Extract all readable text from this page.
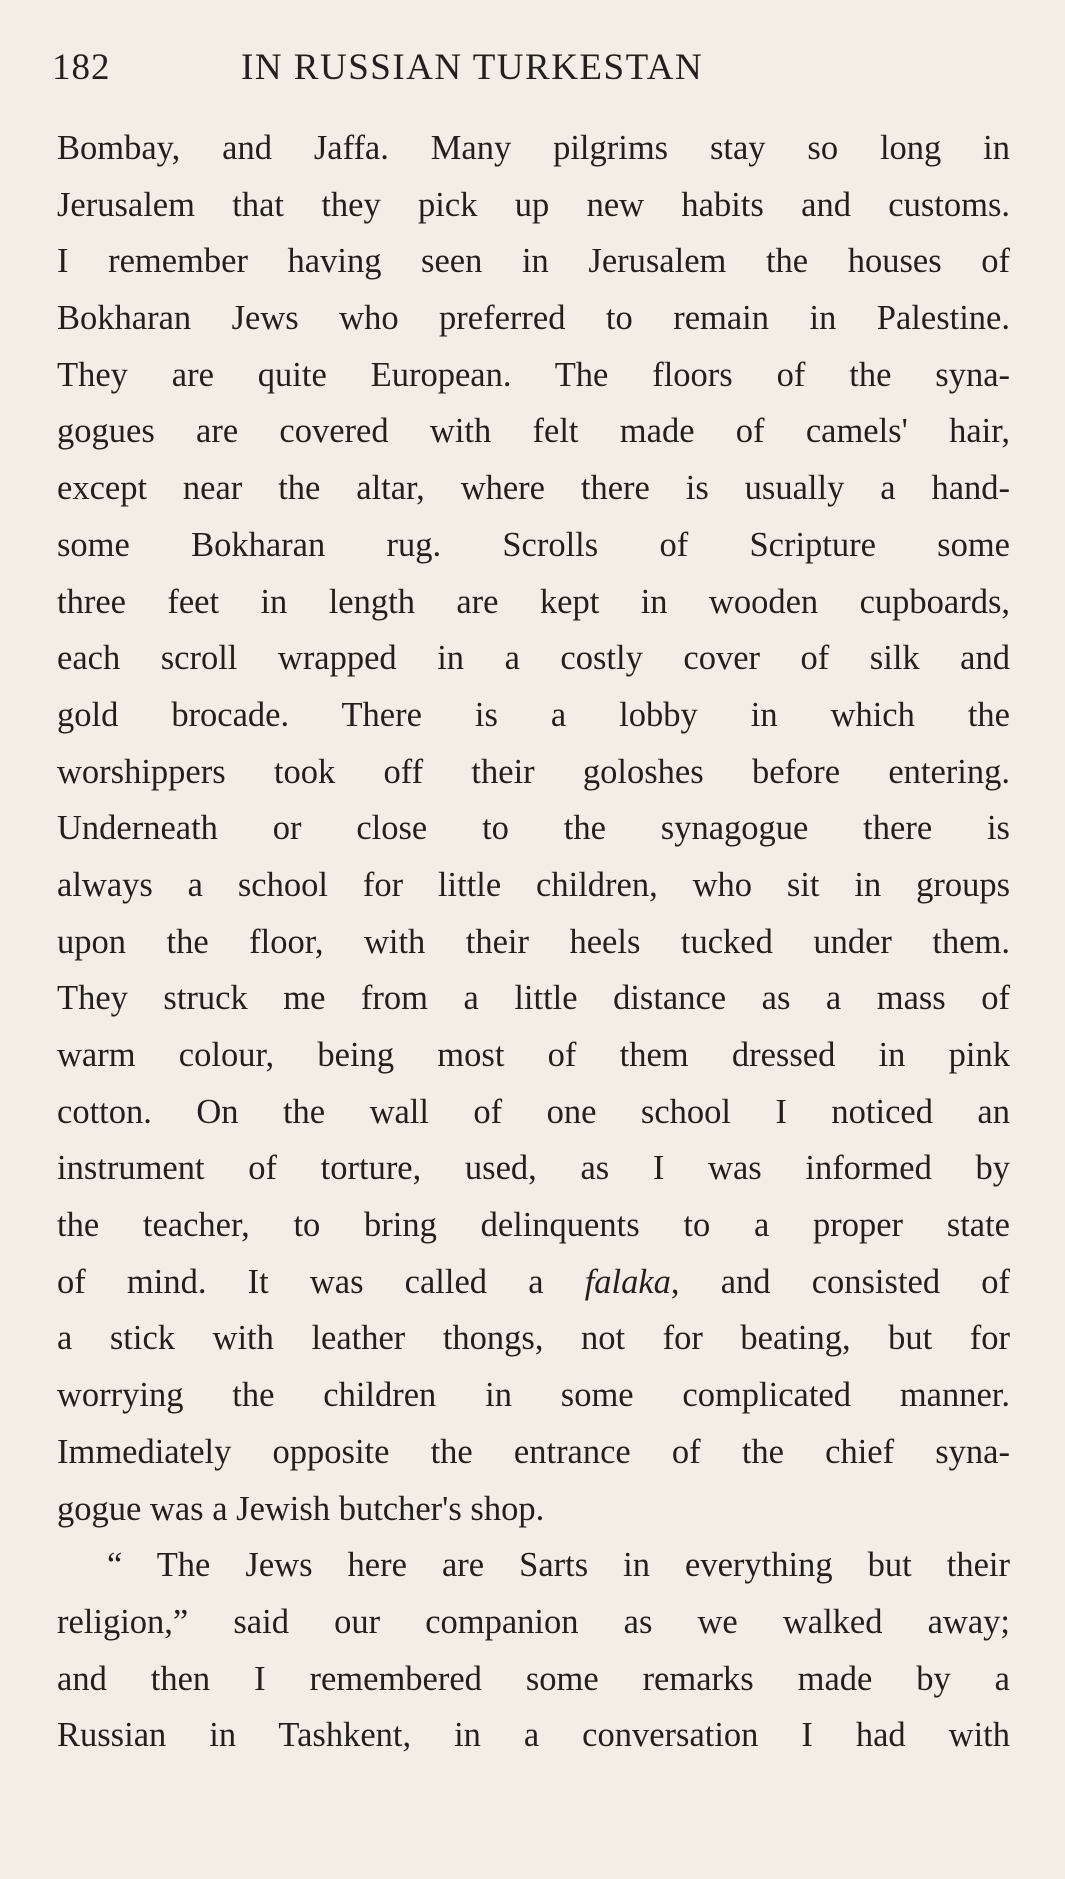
182	IN RUSSIAN TURKESTAN
Bombay, and Jaffa. Many pilgrims stay so long in
Jerusalem that they pick up new habits and customs.
I remember having seen in Jerusalem the houses of
Bokharan Jews who preferred to remain in Palestine.
They are quite European. The floors of the syna-
gogues are covered with felt made of camels' hair,
except near the altar, where there is usually a hand-
some Bokharan rug. Scrolls of Scripture some
three feet in length are kept in wooden cupboards,
each scroll wrapped in a costly cover of silk and
gold brocade. There is a lobby in which the
worshippers took off their goloshes before entering.
Underneath or close to the synagogue there is
always a school for little children, who sit in groups
upon the floor, with their heels tucked under them.
They struck me from a little distance as a mass of
warm colour, being most of them dressed in pink
cotton. On the wall of one school I noticed an
instrument of torture, used, as I was informed by
the teacher, to bring delinquents to a proper state
of mind. It was called a falaka, and consisted of
a stick with leather thongs, not for beating, but for
worrying the children in some complicated manner.
Immediately opposite the entrance of the chief syna-
gogue was a Jewish butcher's shop.
“ The Jews here are Sarts in everything but their
religion,” said our companion as we walked away;
and then I remembered some remarks made by a
Russian in Tashkent, in a conversation I had with
